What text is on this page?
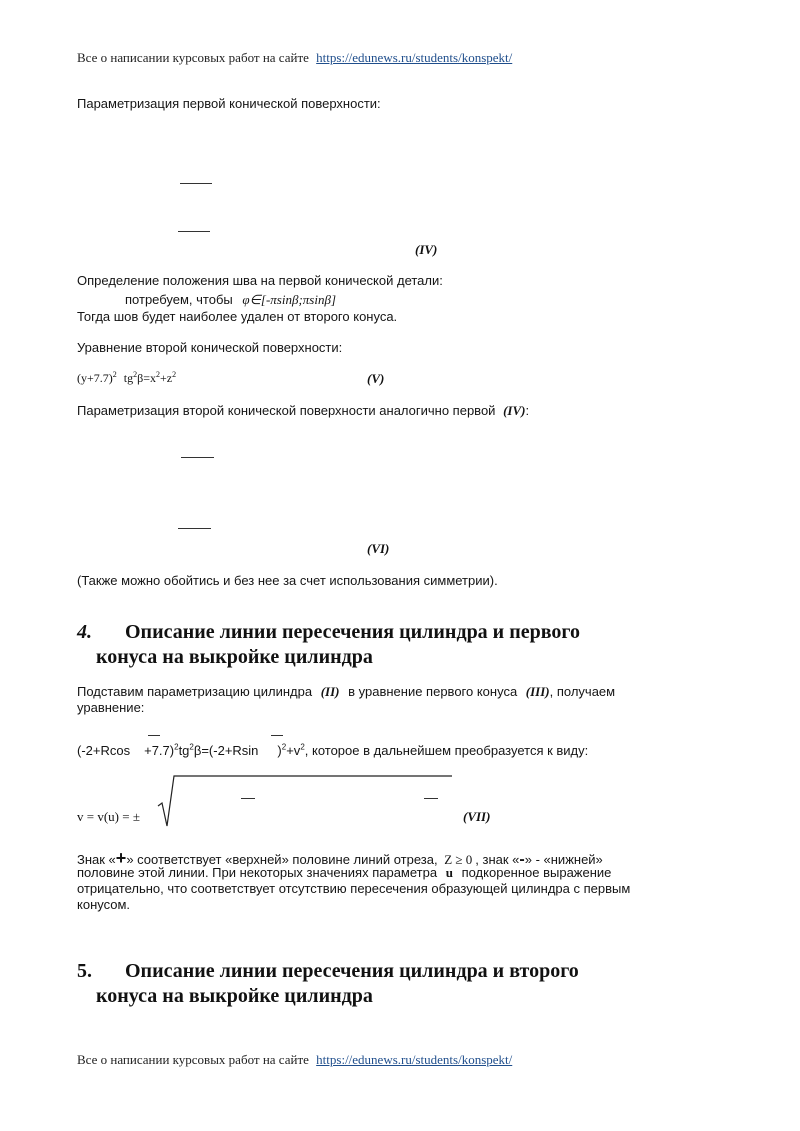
Все о написании курсовых работ на сайте https://edunews.ru/students/konspekt/
Параметризация первой конической поверхности:
(IV)
Определение положения шва на первой конической детали:
потребуем, чтобы φ∈[-πsinβ;πsinβ]
Тогда шов будет наиболее удален от второго конуса.
Уравнение второй конической поверхности:
$(y+7.7)^2$ $tg^2\beta=x^2+z^2$	(V)
Параметризация второй конической поверхности аналогично первой (IV):
(VI)
(Также можно обойтись и без нее за счет использования симметрии).
4. Описание линии пересечения цилиндра и первого
конуса на выкройке цилиндра
Подставим параметризацию цилиндра (II) в уравнение первого конуса (III), получаем
уравнение:
$(-2+Rcos +7.7)^2tg^2\beta=(-2+Rsin$ )$^2+v^2$, которое в дальнейшем преобразуется к виду:
v = v(u) = ±	(VII)
Знак «+» соответствует «верхней» половине линий отреза, Z ≥ 0 , знак «-» - «нижней»
половине этой линии. При некоторых значениях параметра u подкоренное выражение
отрицательно, что соответствует отсутствию пересечения образующей цилиндра с первым
конусом.
5. Описание линии пересечения цилиндра и второго
конуса на выкройке цилиндра
Все о написании курсовых работ на сайте https://edunews.ru/students/konspekt/
